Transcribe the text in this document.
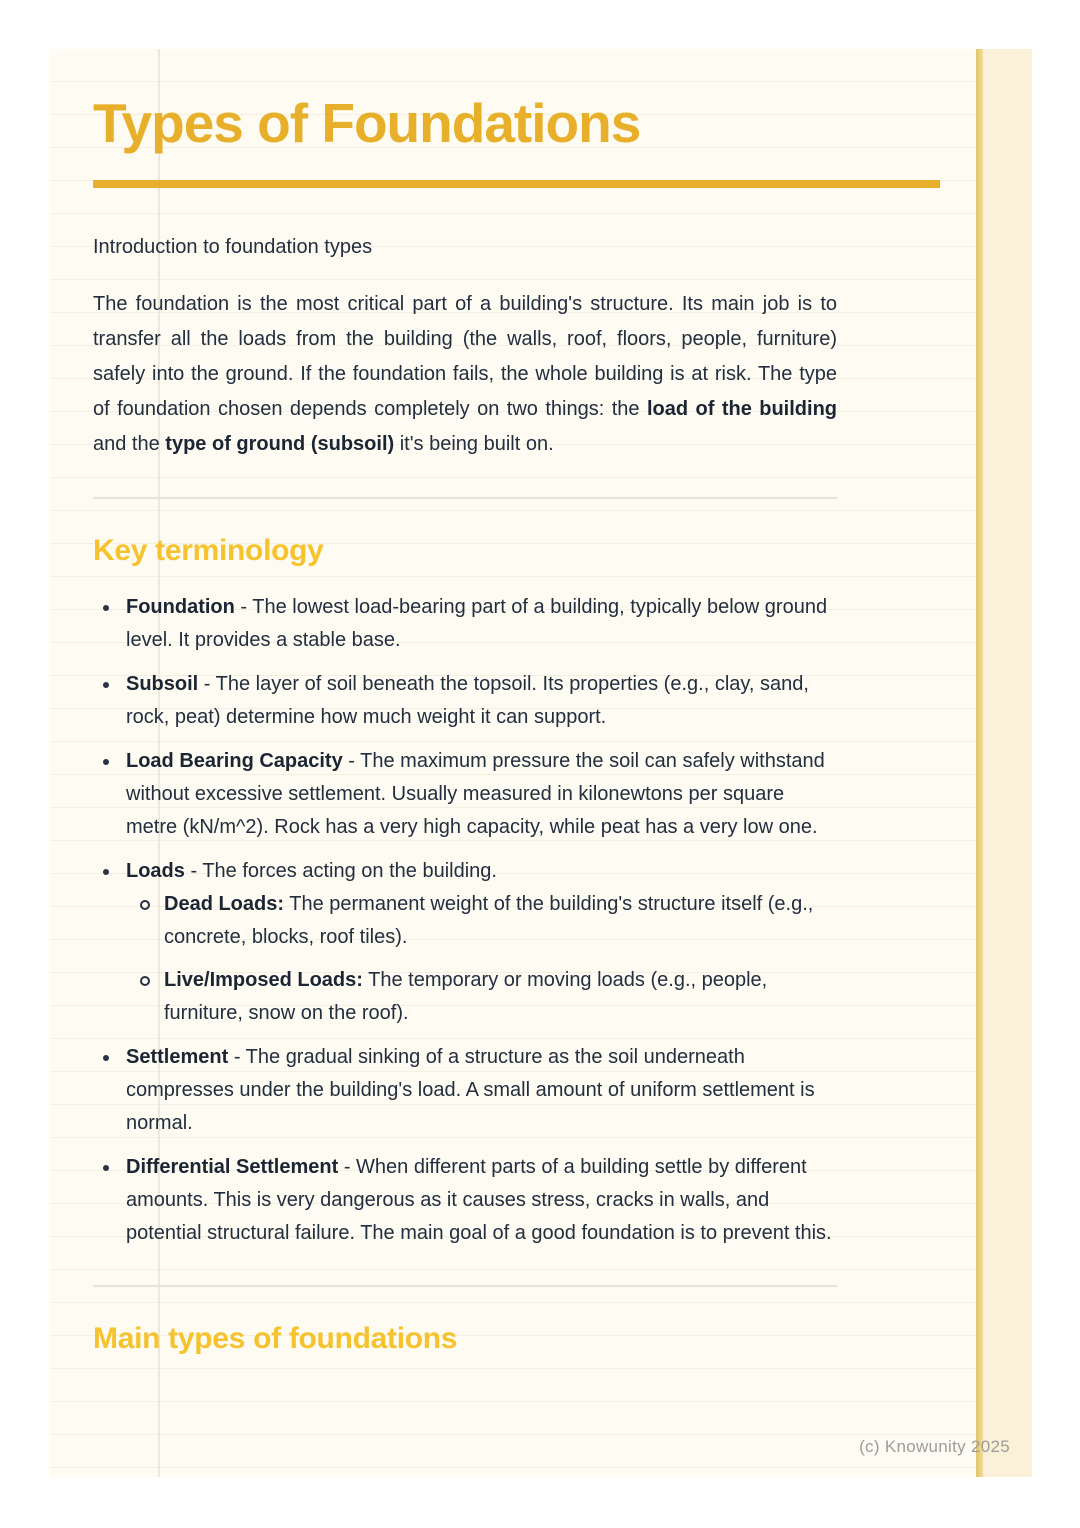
Types of Foundations
Introduction to foundation types

The foundation is the most critical part of a building's structure. Its main job is to transfer all the loads from the building (the walls, roof, floors, people, furniture) safely into the ground. If the foundation fails, the whole building is at risk. The type of foundation chosen depends completely on two things: the load of the building and the type of ground (subsoil) it's being built on.

Key terminology
Foundation - The lowest load-bearing part of a building, typically below ground level. It provides a stable base.
Subsoil - The layer of soil beneath the topsoil. Its properties (e.g., clay, sand, rock, peat) determine how much weight it can support.
Load Bearing Capacity - The maximum pressure the soil can safely withstand without excessive settlement. Usually measured in kilonewtons per square metre (kN/m^2). Rock has a very high capacity, while peat has a very low one.
Loads - The forces acting on the building.
Dead Loads: The permanent weight of the building's structure itself (e.g., concrete, blocks, roof tiles).
Live/Imposed Loads: The temporary or moving loads (e.g., people, furniture, snow on the roof).
Settlement - The gradual sinking of a structure as the soil underneath compresses under the building's load. A small amount of uniform settlement is normal.
Differential Settlement - When different parts of a building settle by different amounts. This is very dangerous as it causes stress, cracks in walls, and potential structural failure. The main goal of a good foundation is to prevent this.
Main types of foundations
(c) Knowunity 2025
